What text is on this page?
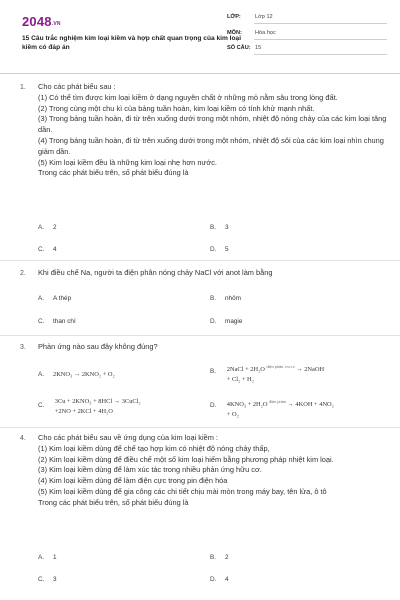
2048.VN
15 Câu trắc nghiệm kim loại kiềm và hợp chất quan trọng của kim loại kiềm có đáp án
LỚP:	Lớp 12
MÔN: Hóa học
SỐ CÂU: 15
1. Cho các phát biểu sau :
(1) Có thể tìm được kim loại kiềm ở dạng nguyên chất ở những mỏ nằm sâu trong lòng đất.
(2) Trong cùng một chu kì của bảng tuần hoàn, kim loại kiềm có tính khử mạnh nhất.
(3) Trong bảng tuần hoàn, đi từ trên xuống dưới trong một nhóm, nhiệt độ nóng chảy của các kim loại tăng dần.
(4) Trong bảng tuần hoàn, đi từ trên xuống dưới trong một nhóm, nhiệt độ sôi của các kim loại nhìn chung giảm dần.
(5) Kim loại kiềm đều là những kim loại nhẹ hơn nước.
Trong các phát biểu trên, số phát biểu đúng là
A. 2	B. 3
C. 4	D. 5
2. Khi điều chế Na, người ta điện phân nóng chảy NaCl với anot làm bằng
A. A thép	B. nhôm
C. than chì	D. magie
3. Phản ứng nào sau đây không đúng?
A. 2KNO₃ → 2KNO₂ + O₂	B. 2NaCl + 2H₂O $^{điện phân, m.n.x}$ → 2NaOH
+ Cl₂ + H₂
C. 3Cu + 2KNO₃ + 8HCl → 3CuCl₂
+2NO + 2KCl + 4H₂O
D. 4KNO₃ + 2H₂O $^{điện phân}$ → 4KOH + 4NO₂
+ O₂
4. Cho các phát biểu sau về ứng dụng của kim loại kiềm :
(1) Kim loại kiềm dùng để chế tạo hợp kim có nhiệt độ nóng chảy thấp,
(2) Kim loại kiềm dùng để điều chế một số kim loại hiếm bằng phương pháp nhiệt kim loại.
(3) Kim loại kiềm dùng để làm xúc tác trong nhiều phản ứng hữu cơ.
(4) Kim loại kiềm dùng để làm điện cực trong pin điện hóa
(5) Kim loại kiềm dùng để gia công các chi tiết chịu mài mòn trong máy bay, tên lửa, ô tô
Trong các phát biểu trên, số phát biểu đúng là
A. 1	B. 2
C. 3	D. 4
